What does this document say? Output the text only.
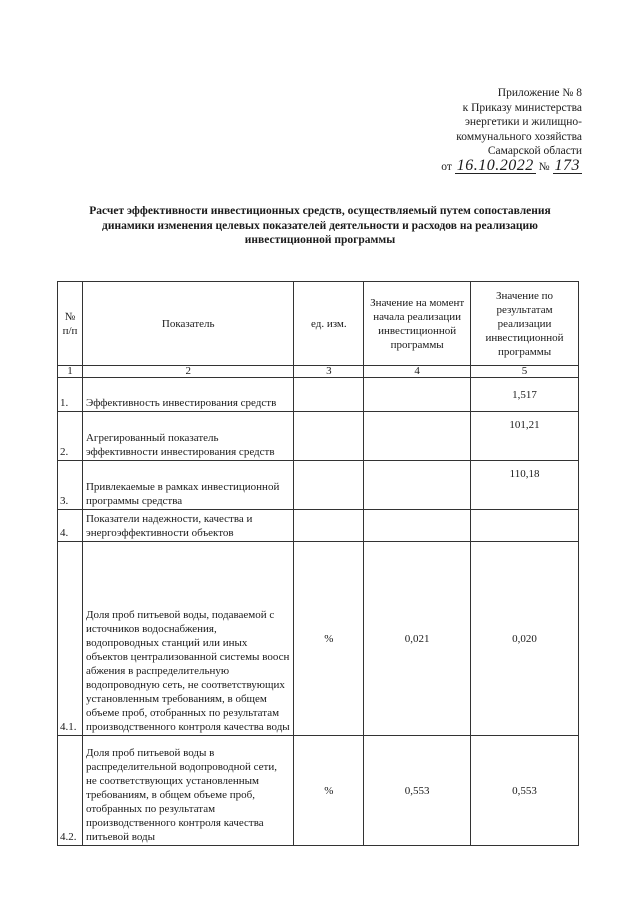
Приложение № 8
к Приказу министерства
энергетики и жилищно-
коммунального хозяйства
Самарской области
от 16.10.2022 № 173
Расчет эффективности инвестиционных средств, осуществляемый путем сопоставления
динамики изменения целевых показателей деятельности и расходов на реализацию
инвестиционной программы
№ п/п	Показатель	ед. изм.	Значение на момент начала реализации инвестиционной программы	Значение по результатам реализации инвестиционной программы
1	2	3	4	5
1.	Эффективность инвестирования средств			1,517
2.	Агрегированный показатель эффективности инвестирования средств			101,21
3.	Привлекаемые в рамках инвестиционной программы средства			110,18
4.	Показатели надежности, качества и энергоэффективности объектов			
4.1.	Доля проб питьевой воды, подаваемой с источников водоснабжения, водопроводных станций или иных объектов централизованной системы воосн абжения в распределительную водопроводную сеть, не соответствующих установленным требованиям, в общем объеме проб, отобранных по результатам производственного контроля качества воды	%	0,021	0,020
4.2.	Доля проб питьевой воды в распределительной водопроводной сети, не соответствующих установленным требованиям, в общем объеме проб, отобранных по результатам производственного контроля качества питьевой воды	%	0,553	0,553
